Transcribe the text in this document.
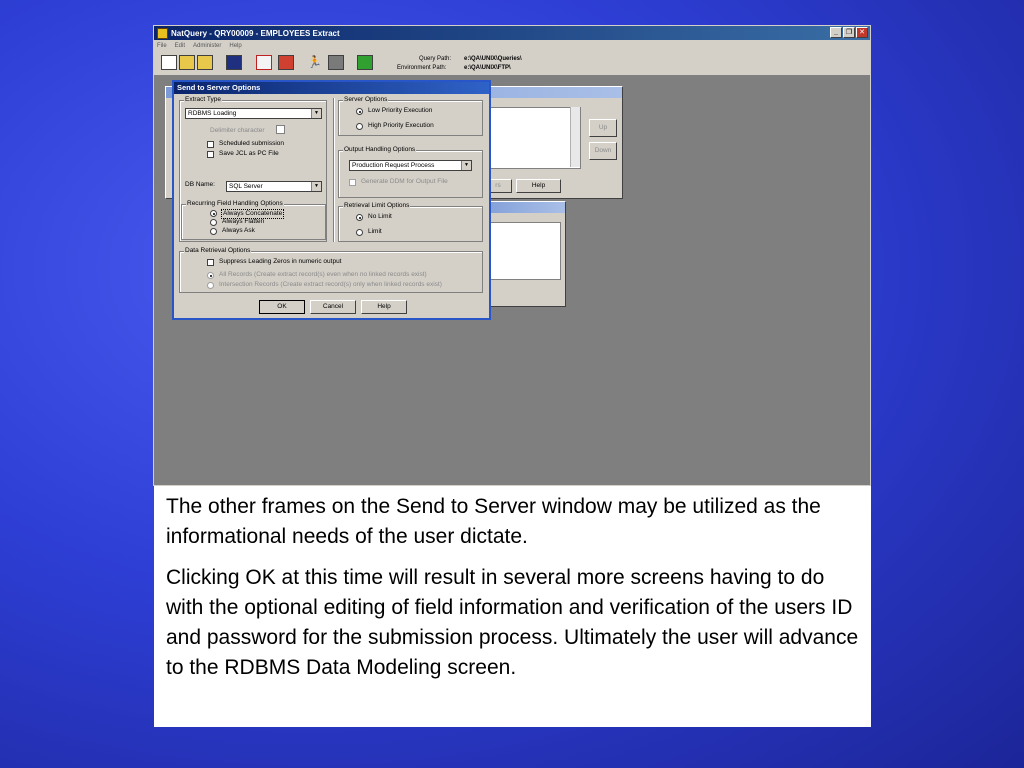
NatQuery - QRY00009 - EMPLOYEES Extract	_	❐ ✕
File Edit Administer Help
🏃	Query Path: e:\QA\UNIX\Queries\
Environment Path:	e:\QA\UNIX\FTP\
Up
Down
rs	Help
Send to Server Options
Extract Type
RDBMS Loading	▼
Delimiter character
Scheduled submission
Save JCL as PC File
DB Name:	SQL Server	▼
Recurring Field Handling Options
Always Concatenate
Always Flatten
Always Ask
Server Options
Low Priority Execution
High Priority Execution
Output Handling Options
Production Request Process	▼
Generate DDM for Output File
Retrieval Limit Options
No Limit
Limit
Data Retrieval Options
Suppress Leading Zeros in numeric output
All Records (Create extract record(s) even when no linked records exist)
Intersection Records (Create extract record(s) only when linked records exist)
OK	Cancel	Help

The other frames on the Send to Server window may be utilized as the informational needs of the user dictate.

Clicking OK at this time will result in several more screens having to do with the optional editing of field information and verification of the users ID and password for the submission process. Ultimately the user will advance to the RDBMS Data Modeling screen.
